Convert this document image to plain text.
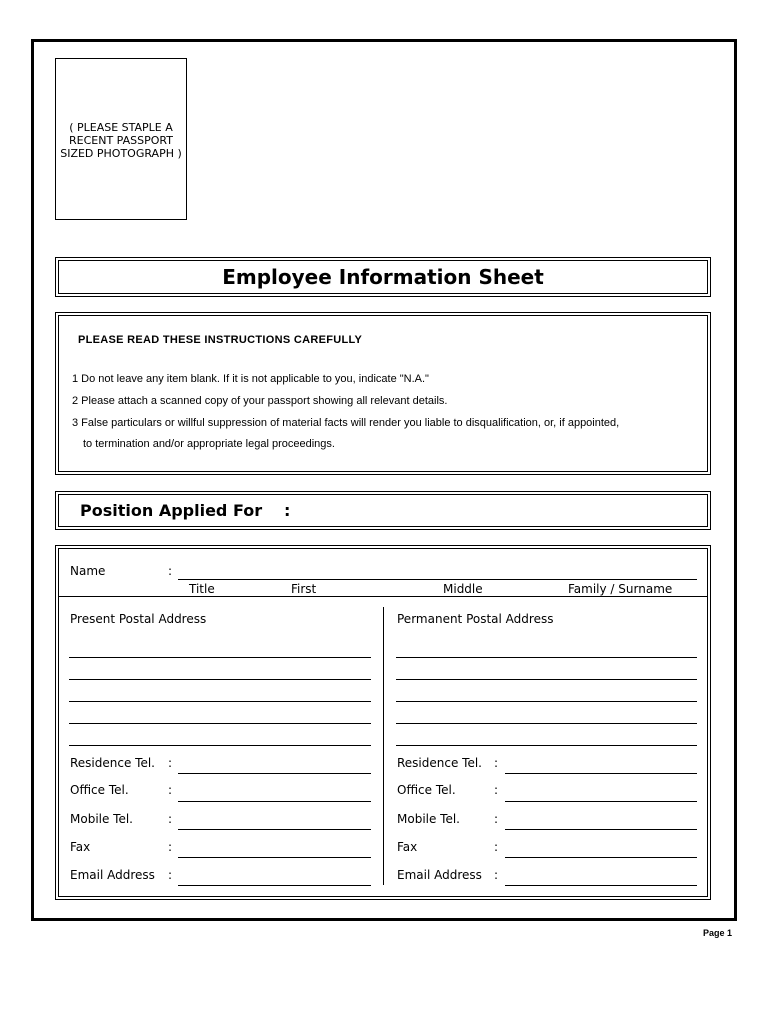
( PLEASE STAPLE A
RECENT PASSPORT
SIZED PHOTOGRAPH )
Employee Information Sheet
PLEASE READ THESE INSTRUCTIONS CAREFULLY
1 Do not leave any item blank. If it is not applicable to you, indicate "N.A."
2 Please attach a scanned copy of your passport showing all relevant details.
3 False particulars or willful suppression of material facts will render you liable to disqualification, or, if appointed,
to termination and/or appropriate legal proceedings.
Position Applied For :
Name	:
Title	First	Middle	Family / Surname
Present Postal Address
Residence Tel. :
Office Tel.	:
Mobile Tel.	:
Fax	:
Email Address :
Permanent Postal Address
Residence Tel. :
Office Tel.	:
Mobile Tel.	:
Fax	:
Email Address :
Page 1
